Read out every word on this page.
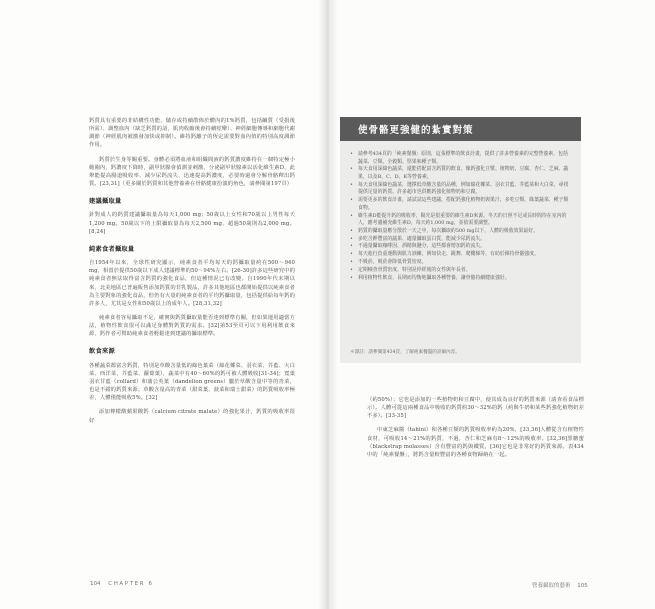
鈣質具有重要的非結構性功能，儲存或持續散佈於體內的1%鈣質，包括鹼質（受損後所需）、調整血內（缺乏鈣質的話，肌肉收縮後會持續痙攣）、神經細胞傳導和細胞代謝調節（神經肌肉被激發加快或抑制）。維持鈣離子的恆定需要對血內值的特別高度調節作用。

鈣質於生身等關重要。身體必須將血液和組織間液的鈣質濃度維持在一個特定極小範圍內，鈣濃度下降時，副甲狀腺會偵測並刺激，分泌副甲狀腺素以活化維生素D，此舉能提高腸道吸收率、減少尿鈣流失、迅速提高鈣濃度，必要時還會分解骨骼釋出鈣質。[23,31]（更多關於鈣質和其他營養素在骨骼健康扮演的角色，請參閱第197頁）

建議攝取量

針對成人的鈣質建議攝取量為每天1,000 mg；50歲以上女性和70歲以上男性每天1,200 mg。50歲以下的上限攝取量為每天2,500 mg，超過50歲則為2,000 mg。[8,24]

純素食者攝取量

自1954年以來，全球性研究顯示，純素食者平均每天的鈣攝取量約在500～940 mg，相當於提供50歲以下成人建議標準的50～94%左右。[26-30]許多這些研究中的純素食者無法取得富含鈣質的強化食品，但這種情況已有改變。自1990年代末期以來，北美地區已普遍販售添加鈣質的非乳製品，許多其他地區也都開始提供以純素食者為主要對象的強化食品，但仍有大量的純素食者的平均鈣攝取量，包括提供給每年鈣的許多人，尤其是女性和50歲以上的成年人。[28,31,32]

純素食者容易攝取不足，確實與鈣質攝取量能否達到標準有關，但如果運用適當方法，植物性飲食很可以滿足身體對鈣質的需求。[32]第53至頁可以下用利用飲食來源，鈣作者可幫助純素食者輕鬆達到建議的攝取標準。

飲食來源

各種蔬菜都富含鈣質，特別是草酸含量低的綠色葉菜（綠花椰菜、羽衣菜、芥藍、大白菜、西洋菜、芥藍菜、蘿蔔葉），蔬菜中有40～60%的鈣可被人體吸收[31-34]；寬葉羽衣甘藍（collard）和蒲公英葉（dandelion greens）屬於草酸含量中等的青菜，也是不錯的鈣質來源；草酸含量高的青菜（甜菜葉、菠菜和瑞士甜菜）的鈣質吸收率極差，人體僅能吸收5%。[32]

添加檸檬酸蘋果酸鈣（calcium citrate malate）的強化果汁，鈣質的吸收率很好

104 CHAPTER 6
使骨骼更強健的紮實對策
• 請參考434頁的「純素餐盤」原則，這張標準的飲食計畫，提供了許多營養素的完整營養素，包括蔬菜、豆類、全穀類、堅果和種子類。
• 每天食用深綠色蔬菜，還能搭配富含鈣質的飲食，像鈣強化豆漿、植物奶、豆腐、杏仁、芝麻、蔬果，以及B、C、D、K等營養素。
• 每天食用深綠色蔬菜，選擇低草酸含量的品種，例如綠花椰菜、羽衣甘藍、芥藍菜和大白菜，尋找提供足量的鈣質。許多超市也供應鈣強化植物奶和豆腐。
• 需要更多的飲食計畫，請試試這些建議，搭配鈣強化植物奶與果汁，多吃豆類、綠葉蔬菜、種子類食物。
• 維生素D能提升鈣的吸收率，陽光是很重要的維生素D來源。冬天的日照不足或長時間待在室內的人，應考慮補充維生素D，每天約1,000 mg，並依需要調整。
• 鈣質的攝取量應分散於一天之中，每次攝取約500 mg以下，人體的吸收效果最好。
• 多吃含鉀豐富的蔬果、適量攝取蛋白質，能減少尿鈣流失。
• 不過量攝取咖啡因、酒精與鹽分，這些都會增加鈣的流失。
• 每天進行負重運動與肌力訓練，例如快走、跳舞、爬樓梯等，有助於維持骨骼強度。
• 不吸菸。吸菸會降低骨質密度。
• 定期檢查骨質密度，特別是停經後的女性與年長者。
• 利用植物性飲食，長期而均衡地攝取各種營養，讓骨骼持續健康強壯。
＊譯註：請參閱第434頁，了解純素餐盤的詳細內容。

（約50%）；它也是添加的一些植物奶和豆腐中，使其成為良好的鈣質來源（請查看食品標示）。人體可從這兩種食品中吸收的鈣質約30～32%的鈣（約與牛奶和某些鈣強化植物奶差不多）。[33-35]

中東芝麻醬（tahini）和各種豆類的鈣質吸收率約為20%，[33,36]人體從含有植物性食材，可吸收14～21%的鈣質，不過，杏仁和芝麻有8～12%的吸收率。[32,36]黑糖蜜（blackstrap molasses）含有豐富的鈣與鐵質，[36]它也是非常好的鈣質來源。表434中的「純素餐盤」，將鈣含量較豐富的各種食物歸納在一起。

營養攝取的藝術 105
